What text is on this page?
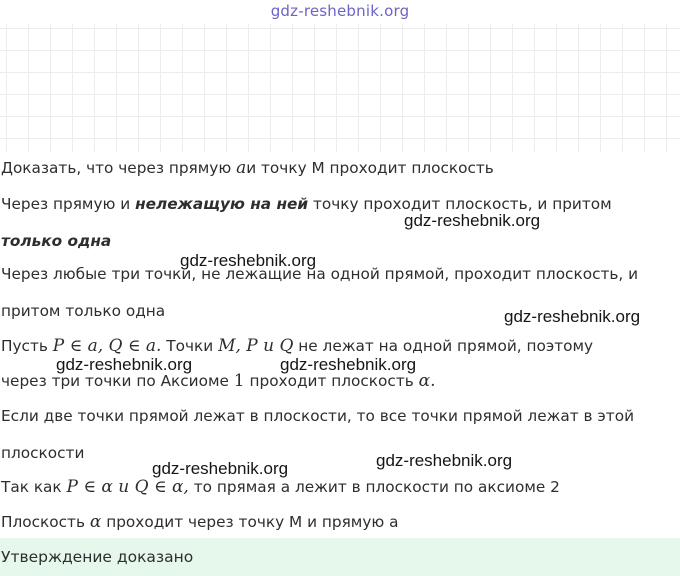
gdz-reshebnik.org
Доказать, что через прямую aи точку М проходит плоскость
Через прямую и нележащую на ней точку проходит плоскость, и притом
только одна
Через любые три точки, не лежащие на одной прямой, проходит плоскость, и
притом только одна
Пусть P ∈ a, Q ∈ a. Точки M, P и Q не лежат на одной прямой, поэтому
через три точки по Аксиоме 1 проходит плоскость α.
Если две точки прямой лежат в плоскости, то все точки прямой лежат в этой
плоскости
Так как P ∈ α и Q ∈ α, то прямая а лежит в плоскости по аксиоме 2
Плоскость α проходит через точку М и прямую а
Утверждение доказано
gdz-reshebnik.org
gdz-reshebnik.org
gdz-reshebnik.org
gdz-reshebnik.org	gdz-reshebnik.org
gdz-reshebnik.org	gdz-reshebnik.org
